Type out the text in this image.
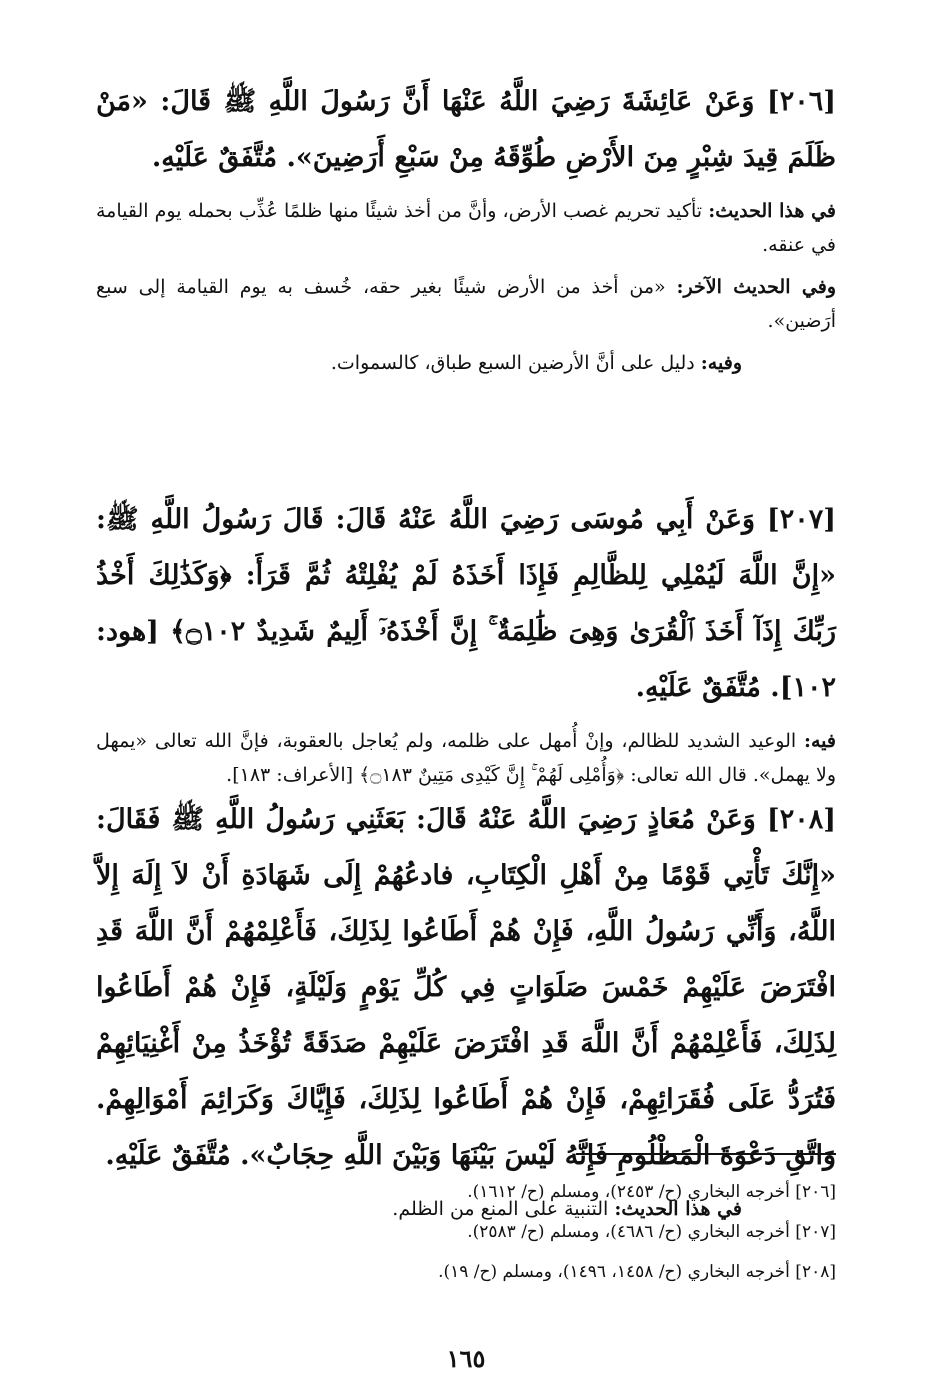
[٢٠٦] وَعَنْ عَائِشَةَ رَضِيَ اللَّهُ عَنْهَا أَنَّ رَسُولَ اللَّهِ ﷺ قَالَ: «مَنْ ظَلَمَ قِيدَ شِبْرٍ مِنَ الأَرْضِ طُوِّقَهُ مِنْ سَبْعِ أَرَضِينَ». مُتَّفَقٌ عَلَيْهِ.

في هذا الحديث: تأكيد تحريم غصب الأرض، وأنَّ من أخذ شيئًا منها ظلمًا عُذِّب بحمله يوم القيامة في عنقه.

وفي الحديث الآخر: «من أخذ من الأرض شيئًا بغير حقه، خُسف به يوم القيامة إلى سبع أرَضين».

وفيه: دليل على أنَّ الأرضين السبع طباق، كالسموات.

[٢٠٧] وَعَنْ أَبِي مُوسَى رَضِيَ اللَّهُ عَنْهُ قَالَ: قَالَ رَسُولُ اللَّهِ ﷺ: «إِنَّ اللَّهَ لَيُمْلِي لِلظَّالِمِ فَإِذَا أَخَذَهُ لَمْ يُفْلِتْهُ ثُمَّ قَرَأَ: ﴿وَكَذَٰلِكَ أَخْذُ رَبِّكَ إِذَآ أَخَذَ ٱلْقُرَىٰ وَهِىَ ظَٰلِمَةٌ ۚ إِنَّ أَخْذَهُۥٓ أَلِيمٌ شَدِيدٌ ۝١٠٢﴾ [هود: ١٠٢]. مُتَّفَقٌ عَلَيْهِ.

فيه: الوعيد الشديد للظالم، وإنْ أُمهل على ظلمه، ولم يُعاجل بالعقوبة، فإنَّ الله تعالى «يمهل ولا يهمل». قال الله تعالى: ﴿وَأُمْلِى لَهُمْ ۚ إِنَّ كَيْدِى مَتِينٌ ۝١٨٣﴾ [الأعراف: ١٨٣].

[٢٠٨] وَعَنْ مُعَاذٍ رَضِيَ اللَّهُ عَنْهُ قَالَ: بَعَثَنِي رَسُولُ اللَّهِ ﷺ فَقَالَ: «إِنَّكَ تَأْتِي قَوْمًا مِنْ أَهْلِ الْكِتَابِ، فادعُهُمْ إِلَى شَهَادَةِ أَنْ لاَ إِلَهَ إِلاَّ اللَّهُ، وَأَنِّي رَسُولُ اللَّهِ، فَإِنْ هُمْ أَطَاعُوا لِذَلِكَ، فَأَعْلِمْهُمْ أَنَّ اللَّهَ قَدِ افْتَرَضَ عَلَيْهِمْ خَمْسَ صَلَوَاتٍ فِي كُلِّ يَوْمٍ وَلَيْلَةٍ، فَإِنْ هُمْ أَطَاعُوا لِذَلِكَ، فَأَعْلِمْهُمْ أَنَّ اللَّهَ قَدِ افْتَرَضَ عَلَيْهِمْ صَدَقَةً تُؤْخَذُ مِنْ أَغْنِيَائِهِمْ فَتُرَدُّ عَلَى فُقَرَائِهِمْ، فَإِنْ هُمْ أَطَاعُوا لِذَلِكَ، فَإِيَّاكَ وَكَرَائِمَ أَمْوَالِهِمْ. وَاتَّقِ دَعْوَةَ الْمَظْلُومِ فَإِنَّهُ لَيْسَ بَيْنَهَا وَبَيْنَ اللَّهِ حِجَابٌ». مُتَّفَقٌ عَلَيْهِ.

في هذا الحديث: التنبية على المنع من الظلم.

[٢٠٦] أخرجه البخاري (ح/ ٢٤٥٣)، ومسلم (ح/ ١٦١٢).

[٢٠٧] أخرجه البخاري (ح/ ٤٦٨٦)، ومسلم (ح/ ٢٥٨٣).

[٢٠٨] أخرجه البخاري (ح/ ١٤٥٨، ١٤٩٦)، ومسلم (ح/ ١٩).

١٦٥
